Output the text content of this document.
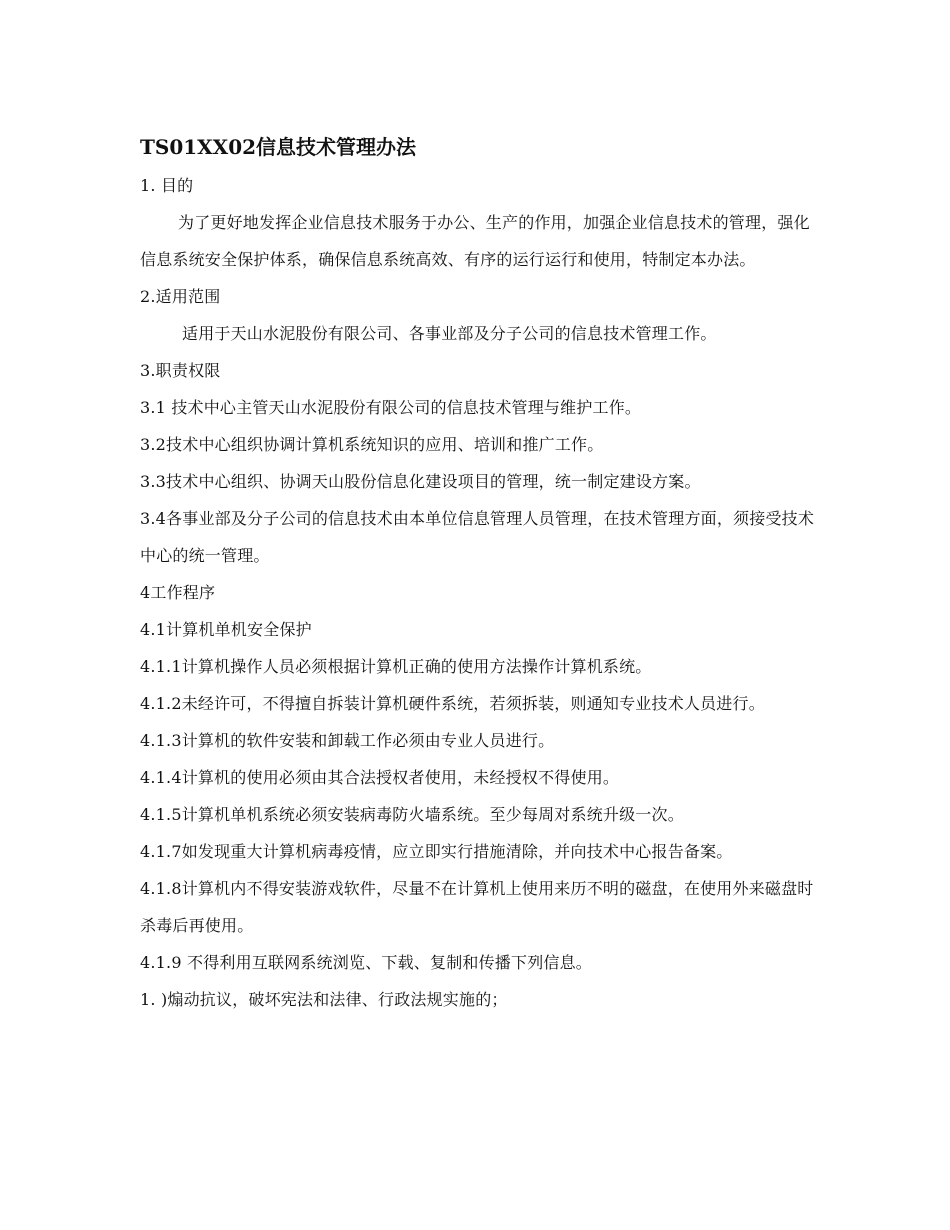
TS01XX02信息技术管理办法

1. 目的

为了更好地发挥企业信息技术服务于办公、生产的作用，加强企业信息技术的管理，强化信息系统安全保护体系，确保信息系统高效、有序的运行运行和使用，特制定本办法。

2.适用范围

适用于天山水泥股份有限公司、各事业部及分子公司的信息技术管理工作。

3.职责权限

3.1 技术中心主管天山水泥股份有限公司的信息技术管理与维护工作。

3.2技术中心组织协调计算机系统知识的应用、培训和推广工作。

3.3技术中心组织、协调天山股份信息化建设项目的管理，统一制定建设方案。

3.4各事业部及分子公司的信息技术由本单位信息管理人员管理，在技术管理方面，须接受技术中心的统一管理。

4工作程序

4.1计算机单机安全保护

4.1.1计算机操作人员必须根据计算机正确的使用方法操作计算机系统。

4.1.2未经许可，不得擅自拆装计算机硬件系统，若须拆装，则通知专业技术人员进行。

4.1.3计算机的软件安装和卸载工作必须由专业人员进行。

4.1.4计算机的使用必须由其合法授权者使用，未经授权不得使用。

4.1.5计算机单机系统必须安装病毒防火墙系统。至少每周对系统升级一次。

4.1.7如发现重大计算机病毒疫情，应立即实行措施清除，并向技术中心报告备案。

4.1.8计算机内不得安装游戏软件，尽量不在计算机上使用来历不明的磁盘，在使用外来磁盘时杀毒后再使用。

4.1.9 不得利用互联网系统浏览、下载、复制和传播下列信息。

1. )煽动抗议，破坏宪法和法律、行政法规实施的；
